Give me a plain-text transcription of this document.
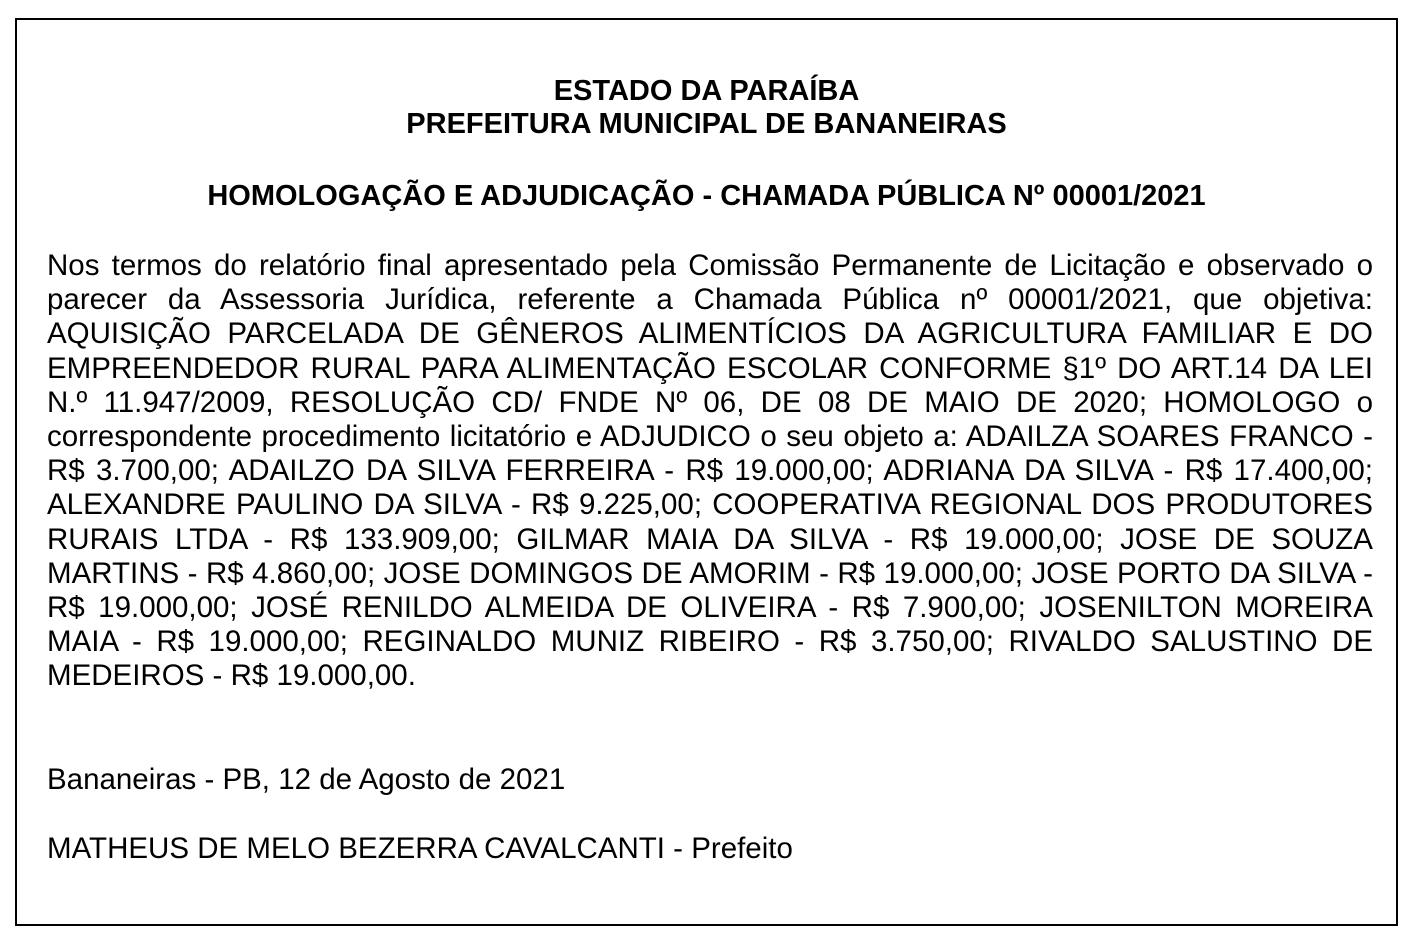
ESTADO DA PARAÍBA
PREFEITURA MUNICIPAL DE BANANEIRAS
HOMOLOGAÇÃO E ADJUDICAÇÃO - CHAMADA PÚBLICA Nº 00001/2021

Nos termos do relatório final apresentado pela Comissão Permanente de Licitação e observado o parecer da Assessoria Jurídica, referente a Chamada Pública nº 00001/2021, que objetiva: AQUISIÇÃO PARCELADA DE GÊNEROS ALIMENTÍCIOS DA AGRICULTURA FAMILIAR E DO EMPREENDEDOR RURAL PARA ALIMENTAÇÃO ESCOLAR CONFORME §1º DO ART.14 DA LEI N.º 11.947/2009, RESOLUÇÃO CD/ FNDE Nº 06, DE 08 DE MAIO DE 2020; HOMOLOGO o correspondente procedimento licitatório e ADJUDICO o seu objeto a: ADAILZA SOARES FRANCO - R$ 3.700,00; ADAILZO DA SILVA FERREIRA - R$ 19.000,00; ADRIANA DA SILVA - R$ 17.400,00; ALEXANDRE PAULINO DA SILVA - R$ 9.225,00; COOPERATIVA REGIONAL DOS PRODUTORES RURAIS LTDA - R$ 133.909,00; GILMAR MAIA DA SILVA - R$ 19.000,00; JOSE DE SOUZA MARTINS - R$ 4.860,00; JOSE DOMINGOS DE AMORIM - R$ 19.000,00; JOSE PORTO DA SILVA - R$ 19.000,00; JOSÉ RENILDO ALMEIDA DE OLIVEIRA - R$ 7.900,00; JOSENILTON MOREIRA MAIA - R$ 19.000,00; REGINALDO MUNIZ RIBEIRO - R$ 3.750,00; RIVALDO SALUSTINO DE MEDEIROS - R$ 19.000,00.

Bananeiras - PB, 12 de Agosto de 2021
MATHEUS DE MELO BEZERRA CAVALCANTI - Prefeito
